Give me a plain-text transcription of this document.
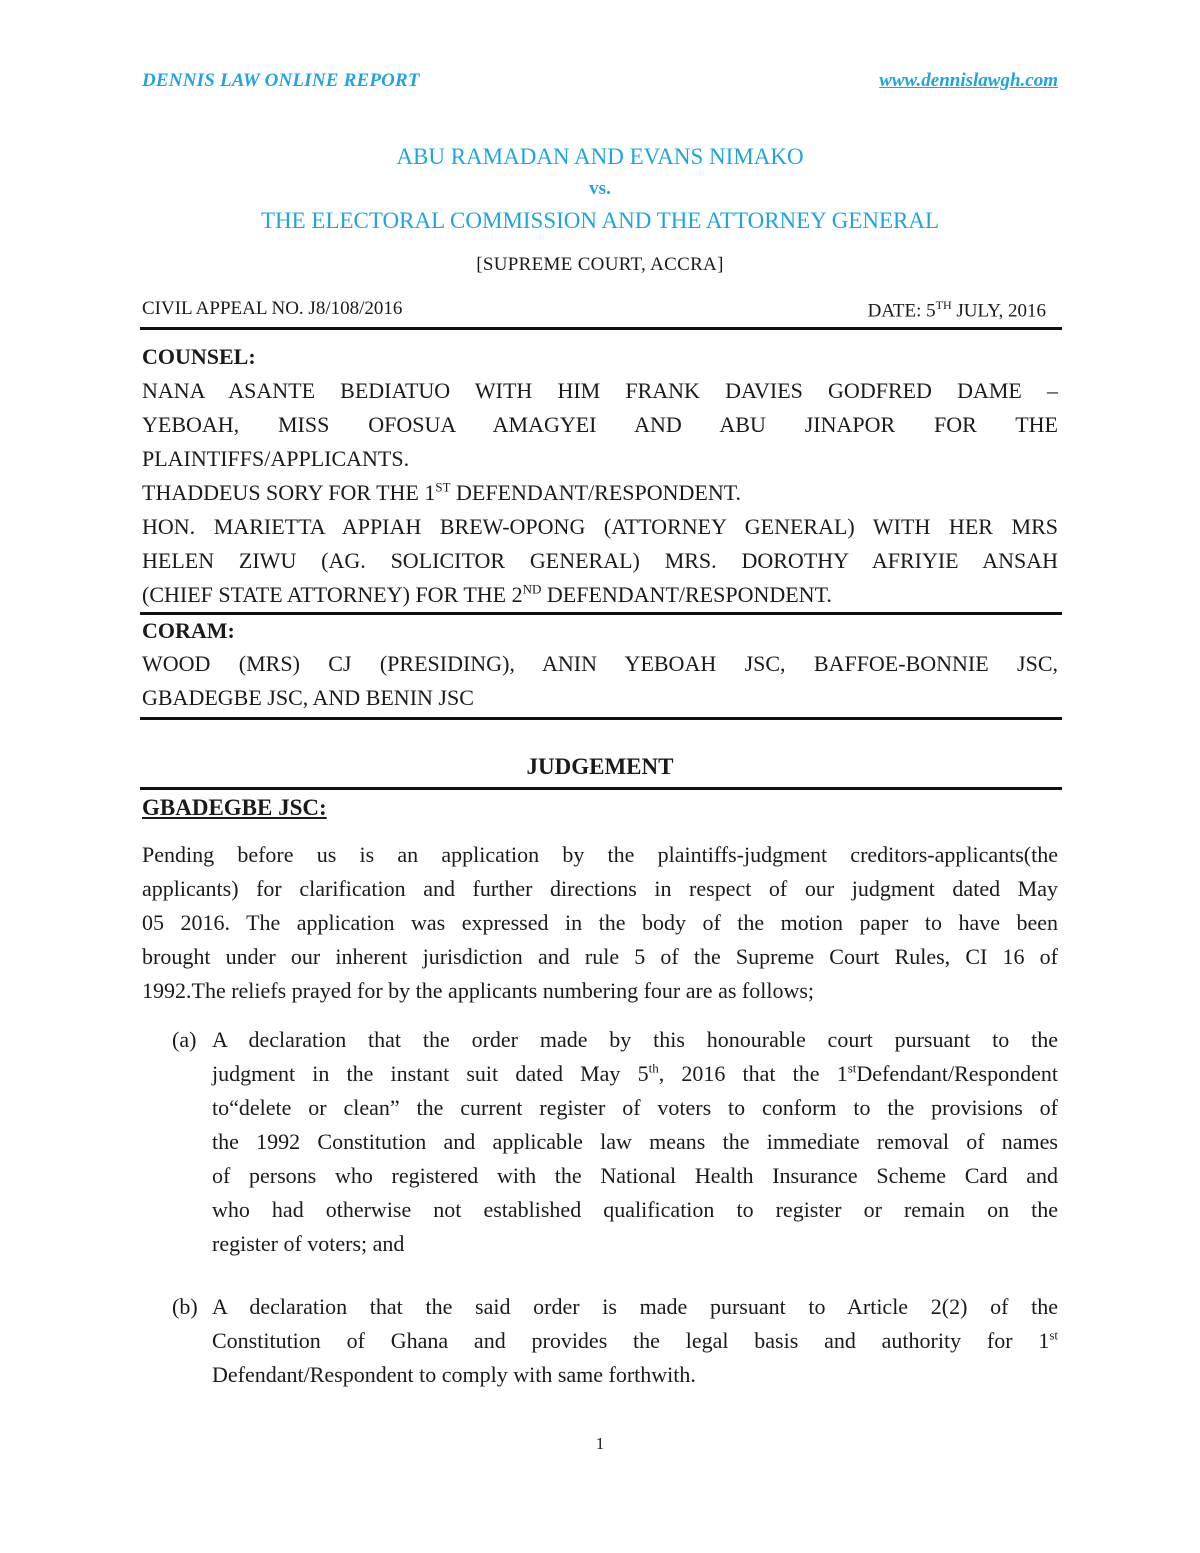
DENNIS LAW ONLINE REPORT	www.dennislawgh.com
ABU RAMADAN AND EVANS NIMAKO
vs.
THE ELECTORAL COMMISSION AND THE ATTORNEY GENERAL
[SUPREME COURT, ACCRA]
CIVIL APPEAL NO. J8/108/2016	DATE: 5TH JULY, 2016
COUNSEL:
NANA ASANTE BEDIATUO WITH HIM FRANK DAVIES GODFRED DAME –
YEBOAH, MISS OFOSUA AMAGYEI AND ABU JINAPOR FOR THE
PLAINTIFFS/APPLICANTS.
THADDEUS SORY FOR THE 1ST DEFENDANT/RESPONDENT.
HON. MARIETTA APPIAH BREW-OPONG (ATTORNEY GENERAL) WITH HER MRS
HELEN ZIWU (AG. SOLICITOR GENERAL) MRS. DOROTHY AFRIYIE ANSAH
(CHIEF STATE ATTORNEY) FOR THE 2ND DEFENDANT/RESPONDENT.
CORAM:
WOOD (MRS) CJ (PRESIDING), ANIN YEBOAH JSC, BAFFOE-BONNIE JSC,
GBADEGBE JSC, AND BENIN JSC
JUDGEMENT
GBADEGBE JSC:
Pending before us is an application by the plaintiffs-judgment creditors-applicants(the
applicants) for clarification and further directions in respect of our judgment dated May
05 2016. The application was expressed in the body of the motion paper to have been
brought under our inherent jurisdiction and rule 5 of the Supreme Court Rules, CI 16 of
1992.The reliefs prayed for by the applicants numbering four are as follows;
(a) A declaration that the order made by this honourable court pursuant to the
judgment in the instant suit dated May 5th, 2016 that the 1stDefendant/Respondent
to“delete or clean” the current register of voters to conform to the provisions of
the 1992 Constitution and applicable law means the immediate removal of names
of persons who registered with the National Health Insurance Scheme Card and
who had otherwise not established qualification to register or remain on the
register of voters; and
(b) A declaration that the said order is made pursuant to Article 2(2) of the
Constitution of Ghana and provides the legal basis and authority for 1st
Defendant/Respondent to comply with same forthwith.
1
